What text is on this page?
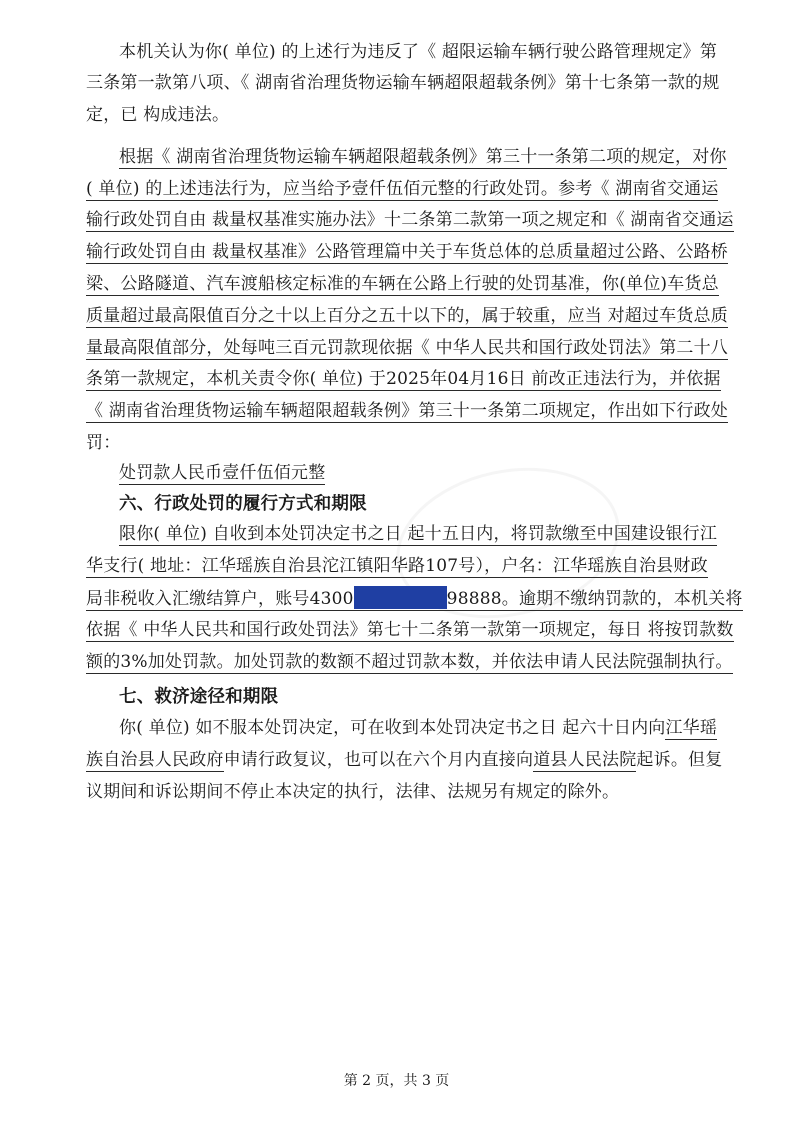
本机关认为你( 单位) 的上述行为违反了《 超限运输车辆行驶公路管理规定》第
三条第一款第八项、《 湖南省治理货物运输车辆超限超载条例》第十七条第一款的规
定，已 构成违法。
根据《 湖南省治理货物运输车辆超限超载条例》第三十一条第二项的规定，对你
( 单位) 的上述违法行为，应当给予壹仟伍佰元整的行政处罚。参考《 湖南省交通运
输行政处罚自由 裁量权基准实施办法》十二条第二款第一项之规定和《 湖南省交通运
输行政处罚自由 裁量权基准》公路管理篇中关于车货总体的总质量超过公路、公路桥
梁、公路隧道、汽车渡船核定标准的车辆在公路上行驶的处罚基准，你(单位)车货总
质量超过最高限值百分之十以上百分之五十以下的，属于较重，应当 对超过车货总质
量最高限值部分，处每吨三百元罚款现依据《 中华人民共和国行政处罚法》第二十八
条第一款规定，本机关责令你( 单位) 于2025年04月16日 前改正违法行为，并依据
《 湖南省治理货物运输车辆超限超载条例》第三十一条第二项规定，作出如下行政处
罚：
处罚款人民币壹仟伍佰元整
六、行政处罚的履行方式和期限
限你( 单位) 自收到本处罚决定书之日 起十五日内，将罚款缴至中国建设银行江
华支行( 地址：江华瑶族自治县沱江镇阳华路107号），户名：江华瑶族自治县财政
局非税收入汇缴结算户，账号4300	98888。逾期不缴纳罚款的，本机关将
依据《 中华人民共和国行政处罚法》第七十二条第一款第一项规定，每日 将按罚款数
额的3%加处罚款。加处罚款的数额不超过罚款本数，并依法申请人民法院强制执行。
七、救济途径和期限
你( 单位) 如不服本处罚决定，可在收到本处罚决定书之日 起六十日内向江华瑶
族自治县人民政府申请行政复议，也可以在六个月内直接向道县人民法院起诉。但复
议期间和诉讼期间不停止本决定的执行，法律、法规另有规定的除外。
第 2 页，共 3 页
